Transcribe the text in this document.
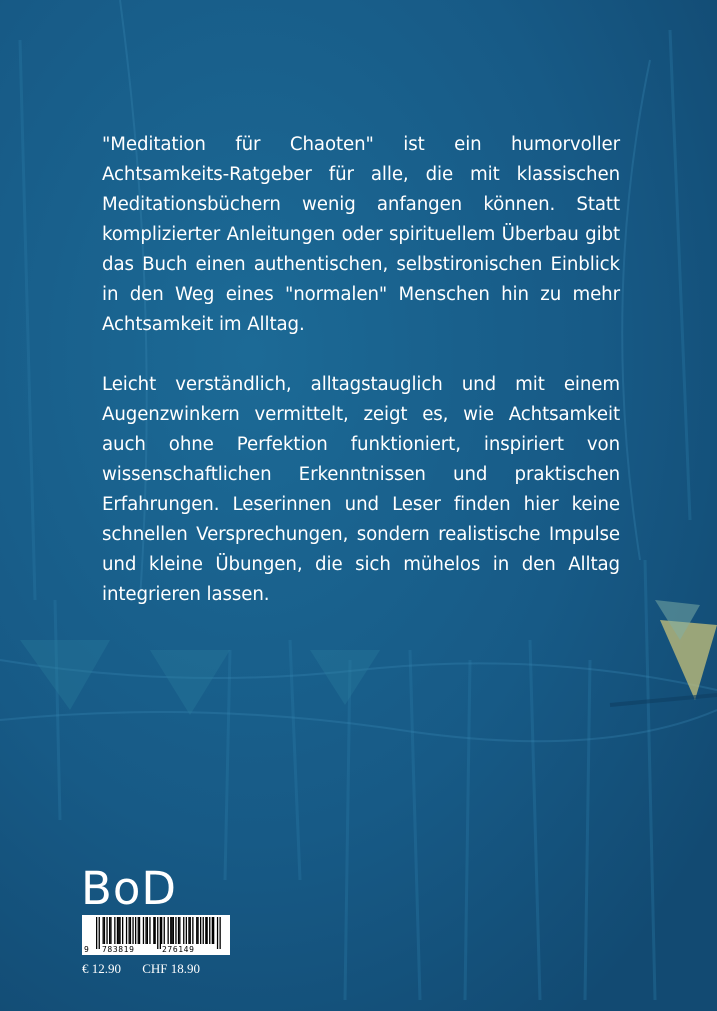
"Meditation für Chaoten" ist ein humorvoller Achtsamkeits-Ratgeber für alle, die mit klassischen Meditationsbüchern wenig anfangen können. Statt komplizierter Anleitungen oder spirituellem Überbau gibt das Buch einen authentischen, selbstironischen Einblick in den Weg eines "normalen" Menschen hin zu mehr Achtsamkeit im Alltag.

Leicht verständlich, alltagstauglich und mit einem Augenzwinkern vermittelt, zeigt es, wie Achtsamkeit auch ohne Perfektion funktioniert, inspiriert von wissenschaftlichen Erkenntnissen und praktischen Erfahrungen. Leserinnen und Leser finden hier keine schnellen Versprechungen, sondern realistische Impulse und kleine Übungen, die sich mühelos in den Alltag integrieren lassen.

BoD
9 783819	276149
€ 12.90 CHF 18.90
